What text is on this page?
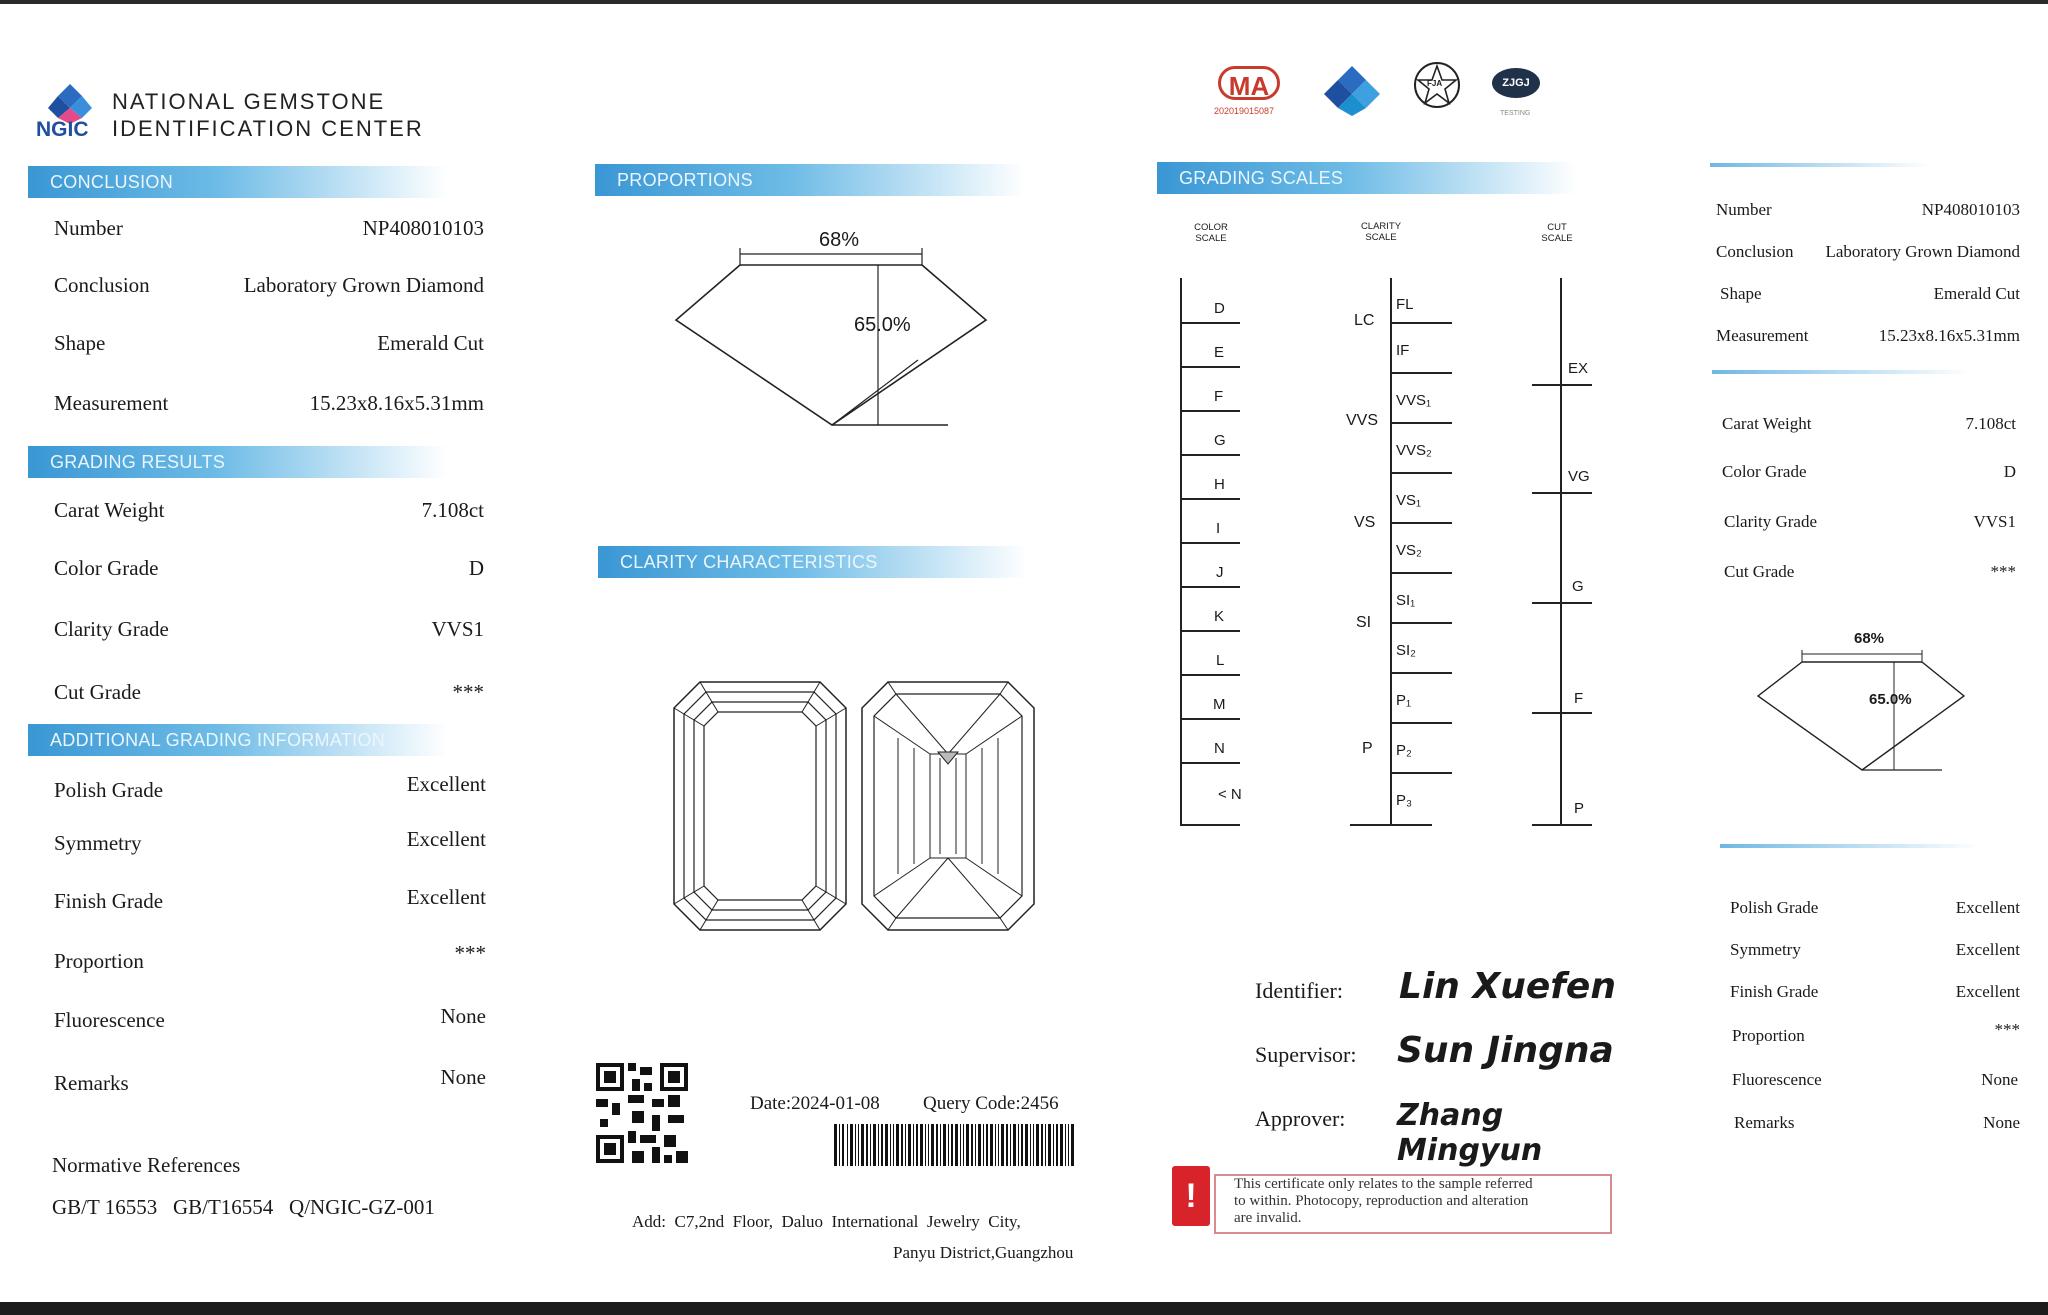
NGIC
NATIONAL GEMSTONE
IDENTIFICATION CENTER
CONCLUSION
Number	NP408010103
Conclusion	Laboratory Grown Diamond
Shape	Emerald Cut
Measurement	15.23x8.16x5.31mm
GRADING RESULTS
Carat Weight	7.108ct
Color Grade	D
Clarity Grade	VVS1
Cut Grade	***
ADDITIONAL GRADING INFORMATION
Polish Grade	Excellent
Symmetry	Excellent
Finish Grade	Excellent
Proportion	***
Fluorescence	None
Remarks	None
Normative References
GB/T 16553   GB/T16554   Q/NGIC-GZ-001
PROPORTIONS
68%
65.0%
CLARITY CHARACTERISTICS
Date:2024-01-08 Query Code:2456
Add:  C7,2nd  Floor,  Daluo  International  Jewelry  City,
Panyu District,Guangzhou
MA
202019015087
FJA	ZJGJ
TESTING
GRADING SCALES
COLOR
SCALE
CLARITY
SCALE
CUT
SCALE
D
E
F
G
H
I
J
K
L
M
N
< N
FL
IF
VVS₁
VVS₂
VS₁
VS₂
SI₁
SI₂
P₁
P₂
P₃
LC
VVS
VS
SI
P
EX
VG
G
F
P
Identifier: Lin Xuefen
Supervisor: Sun Jingna
Approver: Zhang Mingyun
!	This certificate only relates to the sample referred
to within. Photocopy, reproduction and alteration
are invalid.
Number	NP408010103
Conclusion Laboratory Grown Diamond
Shape	Emerald Cut
Measurement	15.23x8.16x5.31mm
Carat Weight	7.108ct
Color Grade	D
Clarity Grade	VVS1
Cut Grade	***
68%
65.0%
Polish Grade	Excellent
Symmetry	Excellent
Finish Grade	Excellent
Proportion	***
Fluorescence	None
Remarks	None
